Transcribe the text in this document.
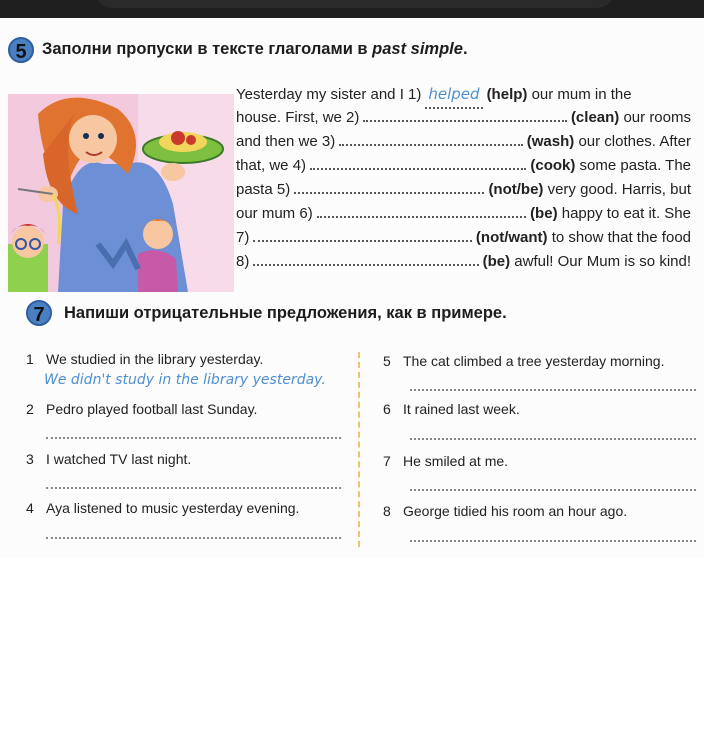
5 Заполни пропуски в тексте глаголами в past simple.
Yesterday my sister and I 1) helped (help)
our mum in the
house. First, we 2)	(clean)
our rooms
and then we 3)	(wash)
our clothes. After
that, we 4)	(cook)
some pasta. The
pasta 5)	(not/be)
very good. Harris, but
our mum 6)	(be)
happy to eat it. She
7)	(not/want)
to show that the food
8)	(be)
awful! Our Mum is so kind!
7	Напиши отрицательные предложения, как в примере.
1 We studied in the library yesterday.
We didn't study in the library yesterday.
2 Pedro played football last Sunday.
3 I watched TV last night.
4 Aya listened to music yesterday evening.
5 The cat climbed a tree yesterday morning.
6 It rained last week.
7 He smiled at me.
8 George tidied his room an hour ago.
